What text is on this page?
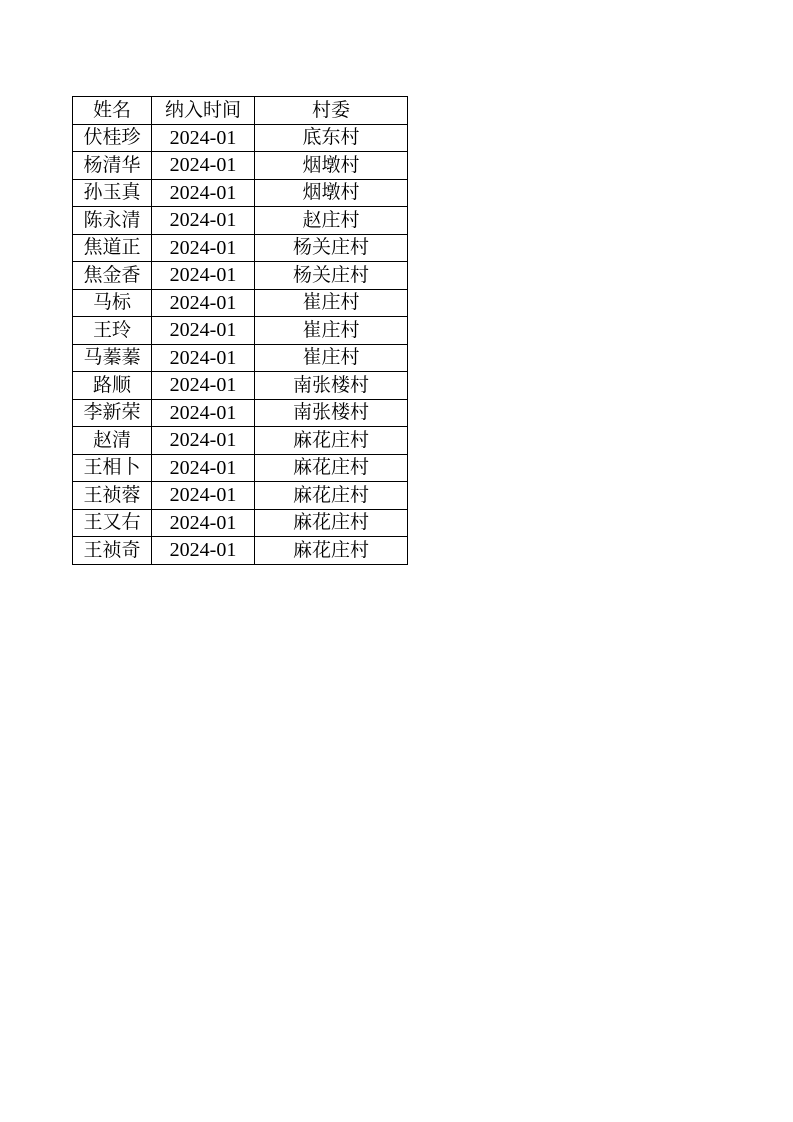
姓名	纳入时间	村委
伏桂珍	2024-01	底东村
杨清华	2024-01	烟墩村
孙玉真	2024-01	烟墩村
陈永清	2024-01	赵庄村
焦道正	2024-01	杨关庄村
焦金香	2024-01	杨关庄村
马标	2024-01	崔庄村
王玲	2024-01	崔庄村
马蓁蓁	2024-01	崔庄村
路顺	2024-01	南张楼村
李新荣	2024-01	南张楼村
赵清	2024-01	麻花庄村
王相卜	2024-01	麻花庄村
王祯蓉	2024-01	麻花庄村
王又右	2024-01	麻花庄村
王祯奇	2024-01	麻花庄村
